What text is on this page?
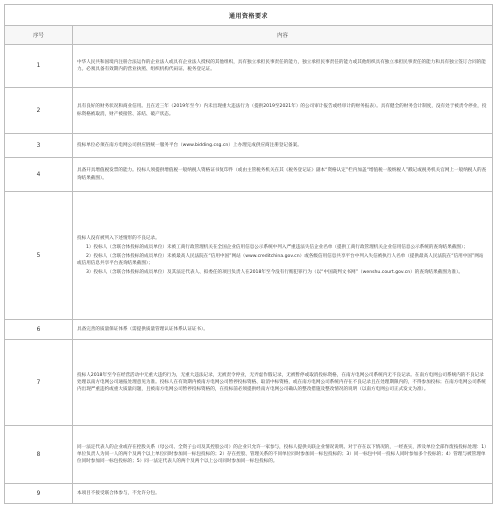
通用资格要求	
序号	内容
1	中华人民共和国境内注册合法运作的企业法人或具有企业法人授权的其他组织，具有独立承担民事责任的能力，独立承担民事责任的能力或其他组织具有独立承担民事责任的能力和具有独立签订合同的能力。必须具备有效期内的营业执照、组织机构代码证、税务登记证。

2	具有良好的财务状况和商业信用。且在近三年（2019年至今）内未出现重大违法行为（提供2019至2021年）的公司审计报告或经审计的财务报表）。具有健全的财务会计制度，没有处于被责令停业，投标资格被取消，财产被接管、冻结、破产状态。

3	投标单位必须在南方电网公司供应链统一服务平台（www.bidding.csg.cn）上办理完成供应商注册登记备案。

4	具备开具增值税发票的能力。投标人须提供增值税一般纳税人资格证书复印件（或由主管税务机关在其《税务登记证》副本“资格认定”栏内加盖“增值税一般纳税人”戳记或税务机关官网上一般纳税人的查询结果截图）。

5	投标人没有被列入下述情形的不良记录。

1）投标人（含联合体投标的成员单位）未被工商行政管理机关在全国企业信用信息公示系统中列入严重违法失信企业名单（提供工商行政管理机关企业信用信息公示系统的查询结果截图）；

2）投标人（含联合体投标的成员单位）未被最高人民法院在“信用中国”网站（www.creditchina.gov.cn）或各级信用信息共享平台中列入失信被执行人名单（提供最高人民法院在“信用中国”网站或信用信息共享平台查询结果截图）；

3）投标人（含联合体投标的成员单位）及其法定代表人、拟委任的项目负责人在2018年至今没有行贿犯罪行为（以“中国裁判文书网”（wenshu.court.gov.cn）的查询结果截图为准）。

6	具备完善的质量保证体系（需提供质量管理认证体系认证证书）。

7	投标人2018年至今在经营活动中无重大违约行为，无重大违法记录，无被责令停业，无弄虚作假记录，无被暂停或取消投标资格，在南方电网公司系统内无不良记录。在南方电网公司系统内的不良记录处理以南方电网公司通报处理意见为准。投标人在有效期内被南方电网公司暂停投标资格、取消中标资格，或在南方电网公司系统内存在不良记录且在处理期限内的，不得参加投标；在南方电网公司系统内出现严重违约或重大质量问题，且被南方电网公司暂停投标资格的，在投标前必须提供经南方电网公司确认的整改措施及整改情况的说明（以南方电网公司正式发文为准）。

8	同一法定代表人的企业或存在控股关系（母公司、全资子公司及其控股公司）的企业只允许一家参与，投标人提供关联企业情况说明。对于存在以下情况的，一经查实，涉及单位全部作废按投标处理：1）单位负责人为同一人的两个及两个以上单位同时参加同一标包投标的；2）存在控股、管理关系的不同单位同时参加同一标包投标的；3）同一标包中同一投标人同时参加多个投标的；4）管理与被管理单位同时参加同一标包投标的；5）同一法定代表人的两个及两个以上公司同时参加同一标包投标的。

9	本项目不接受联合体参与，不允许分包。
